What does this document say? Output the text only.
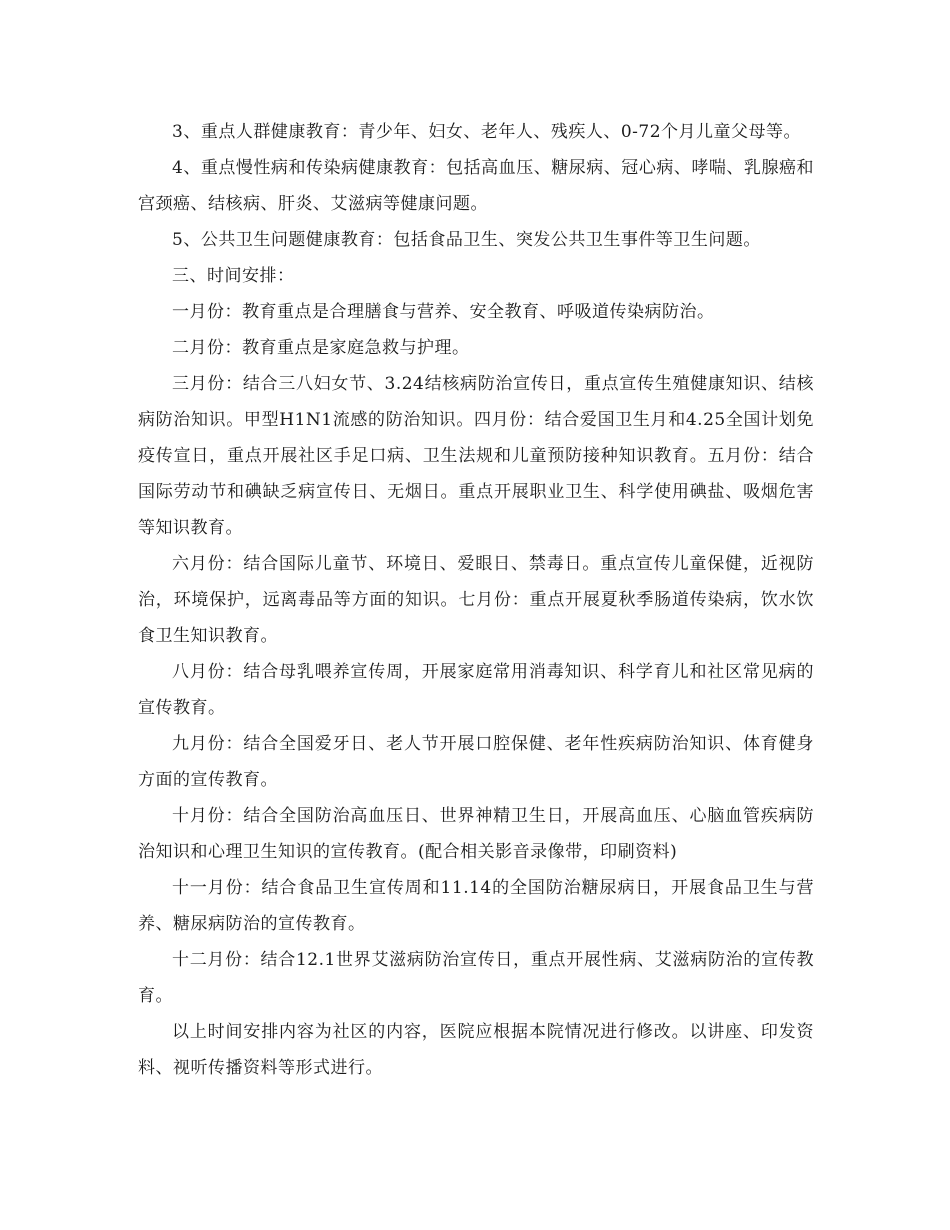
3、重点人群健康教育：青少年、妇女、老年人、残疾人、0-72个月儿童父母等。

4、重点慢性病和传染病健康教育：包括高血压、糖尿病、冠心病、哮喘、乳腺癌和宫颈癌、结核病、肝炎、艾滋病等健康问题。

5、公共卫生问题健康教育：包括食品卫生、突发公共卫生事件等卫生问题。

三、时间安排：

一月份：教育重点是合理膳食与营养、安全教育、呼吸道传染病防治。

二月份：教育重点是家庭急救与护理。

三月份：结合三八妇女节、3.24结核病防治宣传日，重点宣传生殖健康知识、结核病防治知识。甲型H1N1流感的防治知识。四月份：结合爱国卫生月和4.25全国计划免疫传宣日，重点开展社区手足口病、卫生法规和儿童预防接种知识教育。五月份：结合国际劳动节和碘缺乏病宣传日、无烟日。重点开展职业卫生、科学使用碘盐、吸烟危害等知识教育。

六月份：结合国际儿童节、环境日、爱眼日、禁毒日。重点宣传儿童保健，近视防治，环境保护，远离毒品等方面的知识。七月份：重点开展夏秋季肠道传染病，饮水饮食卫生知识教育。

八月份：结合母乳喂养宣传周，开展家庭常用消毒知识、科学育儿和社区常见病的宣传教育。

九月份：结合全国爱牙日、老人节开展口腔保健、老年性疾病防治知识、体育健身方面的宣传教育。

十月份：结合全国防治高血压日、世界神精卫生日，开展高血压、心脑血管疾病防治知识和心理卫生知识的宣传教育。(配合相关影音录像带，印刷资料)

十一月份：结合食品卫生宣传周和11.14的全国防治糖尿病日，开展食品卫生与营养、糖尿病防治的宣传教育。

十二月份：结合12.1世界艾滋病防治宣传日，重点开展性病、艾滋病防治的宣传教育。

以上时间安排内容为社区的内容，医院应根据本院情况进行修改。以讲座、印发资料、视听传播资料等形式进行。
